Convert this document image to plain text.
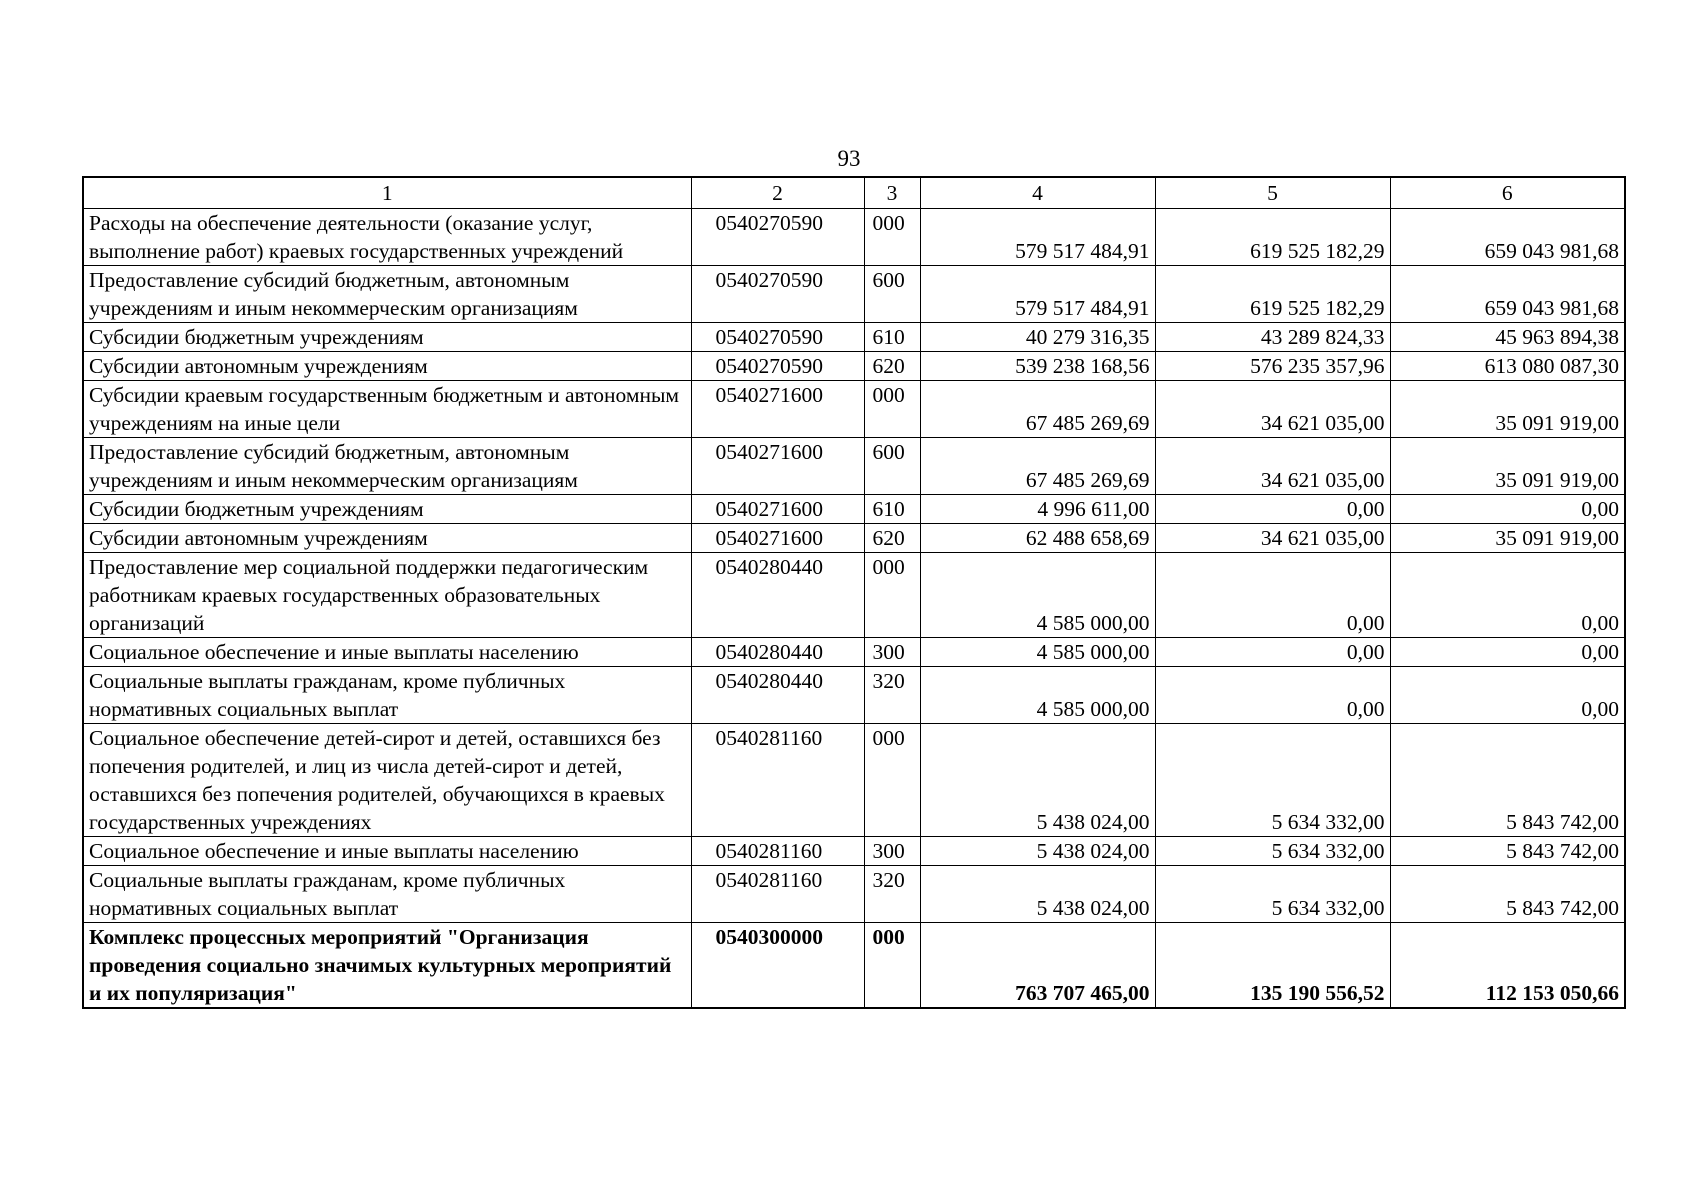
93
1	2	3	4	5	6
Расходы на обеспечение деятельности (оказание услуг, выполнение работ) краевых государственных учреждений	0540270590	000	579 517 484,91	619 525 182,29	659 043 981,68
Предоставление субсидий бюджетным, автономным учреждениям и иным некоммерческим организациям	0540270590	600	579 517 484,91	619 525 182,29	659 043 981,68
Субсидии бюджетным учреждениям	0540270590	610	40 279 316,35	43 289 824,33	45 963 894,38
Субсидии автономным учреждениям	0540270590	620	539 238 168,56	576 235 357,96	613 080 087,30
Субсидии краевым государственным бюджетным и автономным учреждениям на иные цели	0540271600	000	67 485 269,69	34 621 035,00	35 091 919,00
Предоставление субсидий бюджетным, автономным учреждениям и иным некоммерческим организациям	0540271600	600	67 485 269,69	34 621 035,00	35 091 919,00
Субсидии бюджетным учреждениям	0540271600	610	4 996 611,00	0,00	0,00
Субсидии автономным учреждениям	0540271600	620	62 488 658,69	34 621 035,00	35 091 919,00
Предоставление мер социальной поддержки педагогическим работникам краевых государственных образовательных организаций	0540280440	000	4 585 000,00	0,00	0,00
Социальное обеспечение и иные выплаты населению	0540280440	300	4 585 000,00	0,00	0,00
Социальные выплаты гражданам, кроме публичных нормативных социальных выплат	0540280440	320	4 585 000,00	0,00	0,00
Социальное обеспечение детей-сирот и детей, оставшихся без попечения родителей, и лиц из числа детей-сирот и детей, оставшихся без попечения родителей, обучающихся в краевых государственных учреждениях	0540281160	000	5 438 024,00	5 634 332,00	5 843 742,00
Социальное обеспечение и иные выплаты населению	0540281160	300	5 438 024,00	5 634 332,00	5 843 742,00
Социальные выплаты гражданам, кроме публичных нормативных социальных выплат	0540281160	320	5 438 024,00	5 634 332,00	5 843 742,00
Комплекс процессных мероприятий "Организация проведения социально значимых культурных мероприятий и их популяризация"	0540300000	000	763 707 465,00	135 190 556,52	112 153 050,66
